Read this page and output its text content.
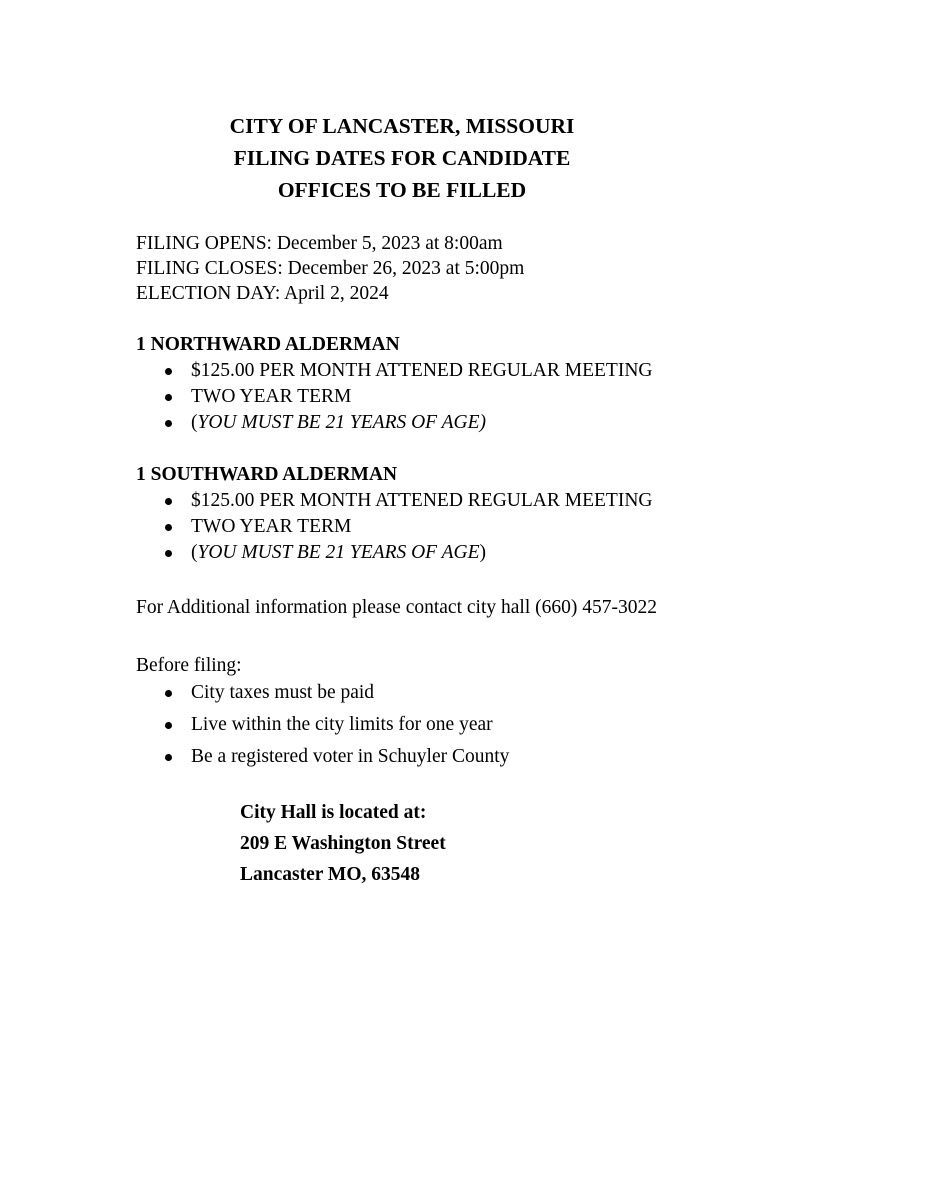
CITY OF LANCASTER, MISSOURI
FILING DATES FOR CANDIDATE
OFFICES TO BE FILLED
FILING OPENS: December 5, 2023 at 8:00am
FILING CLOSES: December 26, 2023 at 5:00pm
ELECTION DAY: April 2, 2024
1 NORTHWARD ALDERMAN
$125.00 PER MONTH ATTENED REGULAR MEETING
TWO YEAR TERM
(YOU MUST BE 21 YEARS OF AGE)
1 SOUTHWARD ALDERMAN
$125.00 PER MONTH ATTENED REGULAR MEETING
TWO YEAR TERM
(YOU MUST BE 21 YEARS OF AGE)
For Additional information please contact city hall (660) 457-3022
Before filing:
City taxes must be paid
Live within the city limits for one year
Be a registered voter in Schuyler County
City Hall is located at:
209 E Washington Street
Lancaster MO, 63548
